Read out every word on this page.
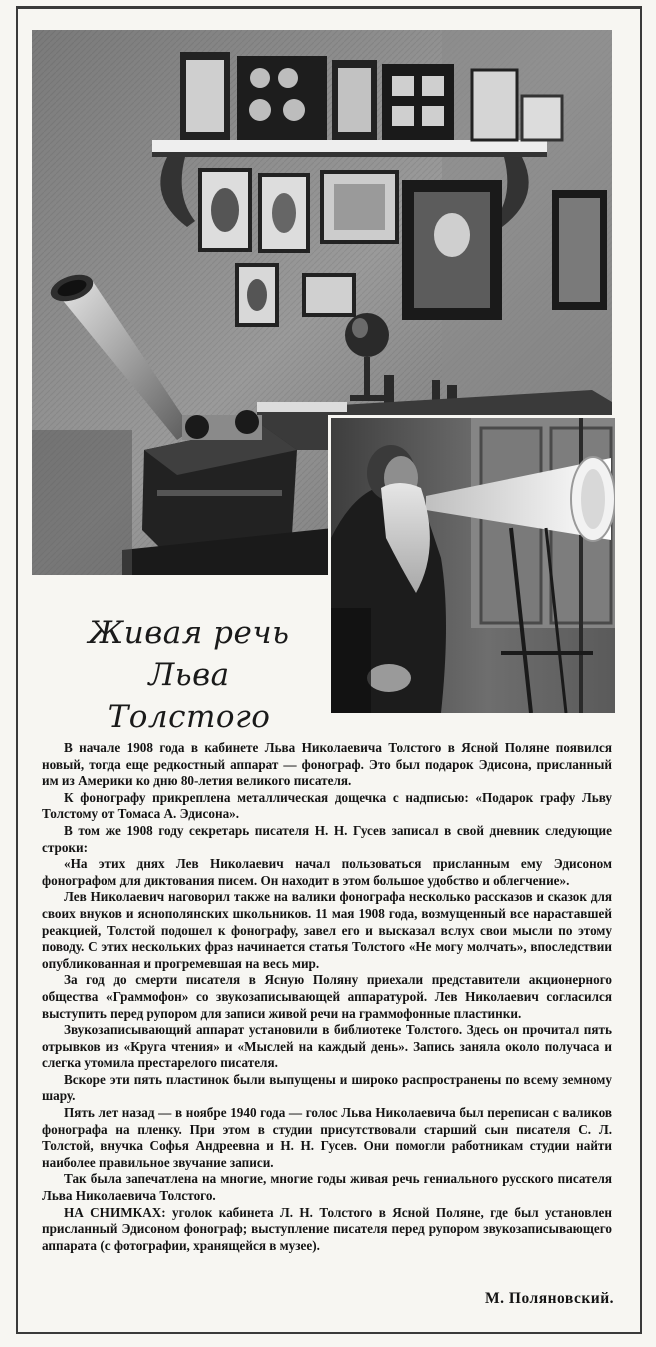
Живая речь
Льва
Толстого

В начале 1908 года в кабинете Льва Николаевича Толстого в Ясной Поляне появился новый, тогда еще редкостный аппарат — фонограф. Это был подарок Эдисона, присланный им из Америки ко дню 80-летия великого писателя.

К фонографу прикреплена металлическая дощечка с надписью: «Подарок графу Льву Толстому от Томаса А. Эдисона».

В том же 1908 году секретарь писателя Н. Н. Гусев записал в свой дневник следующие строки:

«На этих днях Лев Николаевич начал пользоваться присланным ему Эдисоном фонографом для диктования писем. Он находит в этом большое удобство и облегчение».

Лев Николаевич наговорил также на валики фонографа несколько рассказов и сказок для своих внуков и яснополянских школьников. 11 мая 1908 года, возмущенный все нараставшей реакцией, Толстой подошел к фонографу, завел его и высказал вслух свои мысли по этому поводу. С этих нескольких фраз начинается статья Толстого «Не могу молчать», впоследствии опубликованная и прогремевшая на весь мир.

За год до смерти писателя в Ясную Поляну приехали представители акционерного общества «Граммофон» со звукозаписывающей аппаратурой. Лев Николаевич согласился выступить перед рупором для записи живой речи на граммофонные пластинки.

Звукозаписывающий аппарат установили в библиотеке Толстого. Здесь он прочитал пять отрывков из «Круга чтения» и «Мыслей на каждый день». Запись заняла около получаса и слегка утомила престарелого писателя.

Вскоре эти пять пластинок были выпущены и широко распространены по всему земному шару.

Пять лет назад — в ноябре 1940 года — голос Льва Николаевича был переписан с валиков фонографа на пленку. При этом в студии присутствовали старший сын писателя С. Л. Толстой, внучка Софья Андреевна и Н. Н. Гусев. Они помогли работникам студии найти наиболее правильное звучание записи.

Так была запечатлена на многие, многие годы живая речь гениального русского писателя Льва Николаевича Толстого.

НА СНИМКАХ: уголок кабинета Л. Н. Толстого в Ясной Поляне, где был установлен присланный Эдисоном фонограф; выступление писателя перед рупором звукозаписывающего аппарата (с фотографии, хранящейся в музее).

М. Поляновский.
